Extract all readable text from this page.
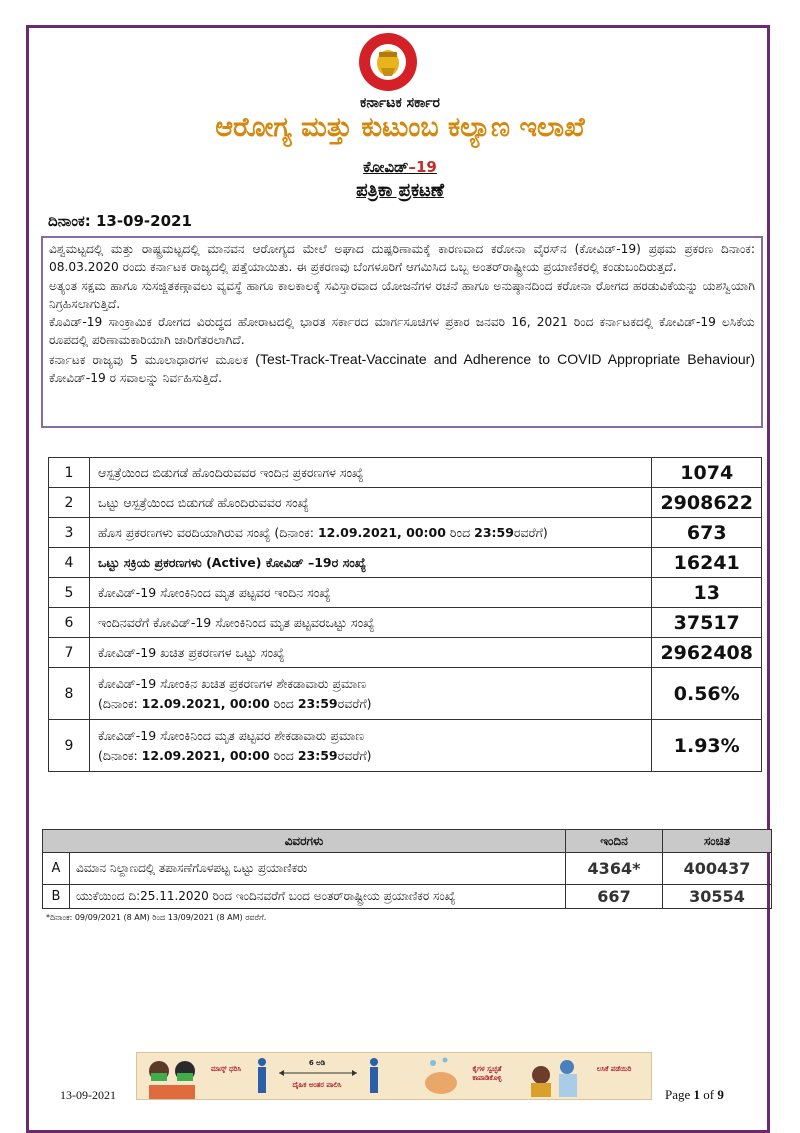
ಕರ್ನಾಟಕ ಸರ್ಕಾರ
ಆರೋಗ್ಯ ಮತ್ತು ಕುಟುಂಬ ಕಲ್ಯಾಣ ಇಲಾಖೆ
ಕೋವಿಡ್–19
ಪತ್ರಿಕಾ ಪ್ರಕಟಣೆ
ದಿನಾಂಕ: 13-09-2021

ವಿಶ್ವಮಟ್ಟದಲ್ಲಿ ಮತ್ತು ರಾಷ್ಟ್ರಮಟ್ಟದಲ್ಲಿ ಮಾನವನ ಆರೋಗ್ಯದ ಮೇಲೆ ಅಘಾದ ದುಷ್ಪರಿಣಾಮಕ್ಕೆ ಕಾರಣವಾದ ಕರೋನಾ ವೈರಸ್‌ನ (ಕೋವಿಡ್-19) ಪ್ರಥಮ ಪ್ರಕರಣ ದಿನಾಂಕ: 08.03.2020 ರಂದು ಕರ್ನಾಟಕ ರಾಜ್ಯದಲ್ಲಿ ಪತ್ತೆಯಾಯಿತು. ಈ ಪ್ರಕರಣವು ಬೆಂಗಳೂರಿಗೆ ಆಗಮಿಸಿದ ಒಬ್ಬ ಅಂತರ್‌ರಾಷ್ಟ್ರೀಯ ಪ್ರಯಾಣಿಕರಲ್ಲಿ ಕಂಡುಬಂದಿರುತ್ತದೆ.

ಅತ್ಯಂತ ಸಕ್ಷಮ ಹಾಗೂ ಸುಸಜ್ಜಿತಕಣ್ಗಾವಲು ವ್ಯವಸ್ಥೆ ಹಾಗೂ ಕಾಲಕಾಲಕ್ಕೆ ಸವಿಸ್ತಾರವಾದ ಯೋಜನೆಗಳ ರಚನೆ ಹಾಗೂ ಅನುಷ್ಠಾನದಿಂದ ಕರೋನಾ ರೋಗದ ಹರಡುವಿಕೆಯನ್ನು ಯಶಸ್ವಿಯಾಗಿ ನಿಗ್ರಹಿಸಲಾಗುತ್ತಿದೆ.

ಕೊವಿಡ್-19 ಸಾಂಕ್ರಾಮಿಕ ರೋಗದ ವಿರುದ್ಧದ ಹೋರಾಟದಲ್ಲಿ ಭಾರತ ಸರ್ಕಾರದ ಮಾರ್ಗಸೂಚಿಗಳ ಪ್ರಕಾರ ಜನವರಿ 16, 2021 ರಿಂದ ಕರ್ನಾಟಕದಲ್ಲಿ ಕೋವಿಡ್-19 ಲಸಿಕೆಯ ರೂಪದಲ್ಲಿ ಪರಿಣಾಮಕಾರಿಯಾಗಿ ಜಾರಿಗೆತರಲಾಗಿದೆ.

ಕರ್ನಾಟಕ ರಾಜ್ಯವು 5 ಮೂಲಾಧಾರಗಳ ಮೂಲಕ (Test-Track-Treat-Vaccinate and Adherence to COVID Appropriate Behaviour) ಕೋವಿಡ್-19 ರ ಸವಾಲನ್ನು ನಿರ್ವಹಿಸುತ್ತಿದೆ.

1	ಆಸ್ಪತ್ರೆಯಿಂದ ಬಿಡುಗಡೆ ಹೊಂದಿರುವವರ ಇಂದಿನ ಪ್ರಕರಣಗಳ ಸಂಖ್ಯೆ	1074
2	ಒಟ್ಟು ಆಸ್ಪತ್ರೆಯಿಂದ ಬಿಡುಗಡೆ ಹೊಂದಿರುವವರ ಸಂಖ್ಯೆ	2908622
3	ಹೊಸ ಪ್ರಕರಣಗಳು ವರದಿಯಾಗಿರುವ ಸಂಖ್ಯೆ (ದಿನಾಂಕ: 12.09.2021, 00:00 ರಿಂದ 23:59ರವರೆಗೆ)	673
4	ಒಟ್ಟು ಸಕ್ರಿಯ ಪ್ರಕರಣಗಳು (Active) ಕೋವಿಡ್ –19ರ ಸಂಖ್ಯೆ	16241
5	ಕೋವಿಡ್-19 ಸೋಂಕಿನಿಂದ ಮೃತ ಪಟ್ಟವರ ಇಂದಿನ ಸಂಖ್ಯೆ	13
6	ಇಂದಿನವರೆಗೆ ಕೋವಿಡ್-19 ಸೋಂಕಿನಿಂದ ಮೃತ ಪಟ್ಟವರಒಟ್ಟು ಸಂಖ್ಯೆ	37517
7	ಕೋವಿಡ್-19 ಖಚಿತ ಪ್ರಕರಣಗಳ ಒಟ್ಟು ಸಂಖ್ಯೆ	2962408
8	ಕೋವಿಡ್-19 ಸೋಂಕಿನ ಖಚಿತ ಪ್ರಕರಣಗಳ ಶೇಕಡಾವಾರು ಪ್ರಮಾಣ
(ದಿನಾಂಕ: 12.09.2021, 00:00 ರಿಂದ 23:59ರವರೆಗೆ)	0.56%
9	ಕೋವಿಡ್-19 ಸೋಂಕಿನಿಂದ ಮೃತ ಪಟ್ಟವರ ಶೇಕಡಾವಾರು ಪ್ರಮಾಣ
(ದಿನಾಂಕ: 12.09.2021, 00:00 ರಿಂದ 23:59ರವರೆಗೆ)	1.93%
ವಿವರಗಳು		ಇಂದಿನ	ಸಂಚಿತ
A	ವಿಮಾನ ನಿಲ್ದಾಣದಲ್ಲಿ ತಪಾಸಣೆಗೊಳಪಟ್ಟ ಒಟ್ಟು ಪ್ರಯಾಣಿಕರು	4364*	400437
B	ಯುಕೆಯಿಂದ ದಿ:25.11.2020 ರಿಂದ ಇಂದಿನವರೆಗೆ ಬಂದ ಅಂತರ್‌ರಾಷ್ಟ್ರೀಯ ಪ್ರಯಾಣಿಕರ ಸಂಖ್ಯೆ	667	30554
*ದಿನಾಂಕ: 09/09/2021 (8 AM) ರಿಂದ 13/09/2021 (8 AM) ರವರೆಗೆ.
ಮಾಸ್ಕ್ ಧರಿಸಿ
6 ಅಡಿ
ದೈಹಿಕ ಅಂತರ ಪಾಲಿಸಿ
ಕೈಗಳ ಸ್ವಚ್ಛತೆ ಕಾಪಾಡಿಕೊಳ್ಳಿ
ಲಸಿಕೆ ಪಡೆಯಿರಿ
13-09-2021	Page 1 of 9
